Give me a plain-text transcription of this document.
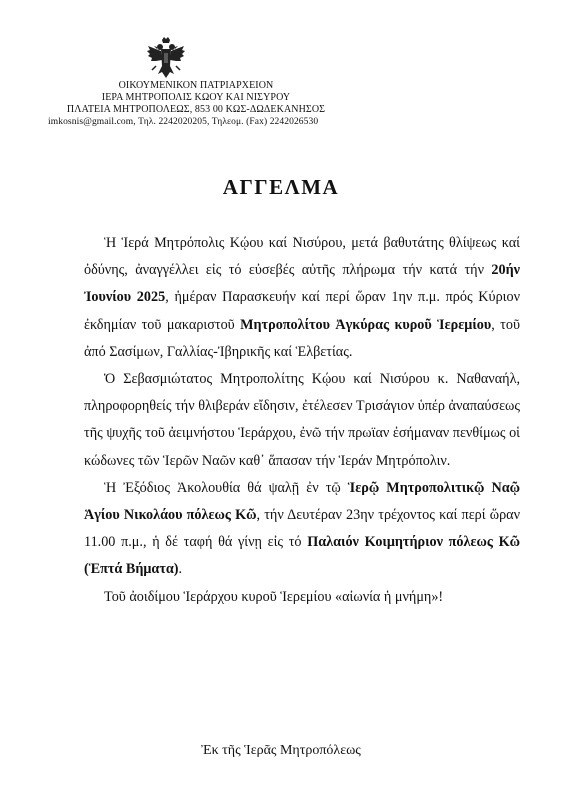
ΟΙΚΟΥΜΕΝΙΚΟΝ ΠΑΤΡΙΑΡΧΕΙΟΝ
ΙΕΡΑ ΜΗΤΡΟΠΟΛΙΣ ΚΩΟΥ ΚΑΙ ΝΙΣΥΡΟΥ
ΠΛΑΤΕΙΑ ΜΗΤΡΟΠΟΛΕΩΣ, 853 00 ΚΩΣ-ΔΩΔΕΚΑΝΗΣΟΣ
imkosnis@gmail.com, Τηλ. 2242020205, Τηλεομ. (Fax) 2242026530
ΑΓΓΕΛΜΑ

Ἡ Ἱερά Μητρόπολις Κῴου καί Νισύρου, μετά βαθυτάτης θλίψεως καί ὀδύνης, ἀναγγέλλει εἰς τό εὐσεβές αὐτῆς πλήρωμα τήν κατά τήν 20ήν Ἰουνίου 2025, ἡμέραν Παρασκευήν καί περί ὥραν 1ην π.μ. πρός Κύριον ἐκδημίαν τοῦ μακαριστοῦ Μητροπολίτου Ἀγκύρας κυροῦ Ἱερεμίου, τοῦ ἀπό Σασίμων, Γαλλίας-Ἰβηρικῆς καί Ἑλβετίας.

Ὁ Σεβασμιώτατος Μητροπολίτης Κῴου καί Νισύρου κ. Ναθαναήλ, πληροφορηθείς τήν θλιβεράν εἴδησιν, ἐτέλεσεν Τρισάγιον ὑπέρ ἀναπαύσεως τῆς ψυχῆς τοῦ ἀειμνήστου Ἱεράρχου, ἐνῶ τήν πρωϊαν ἐσήμαναν πενθίμως οἱ κώδωνες τῶν Ἱερῶν Ναῶν καθ᾽ ἅπασαν τήν Ἱεράν Μητρόπολιν.

Ἡ Ἐξόδιος Ἀκολουθία θά ψαλῇ ἐν τῷ Ἱερῷ Μητροπολιτικῷ Ναῷ Ἁγίου Νικολάου πόλεως Κῶ, τήν Δευτέραν 23ην τρέχοντος καί περί ὥραν 11.00 π.μ., ἡ δέ ταφή θά γίνῃ εἰς τό Παλαιόν Κοιμητήριον πόλεως Κῶ (Ἑπτά Βήματα).

Τοῦ ἀοιδίμου Ἱεράρχου κυροῦ Ἱερεμίου «αἰωνία ἡ μνήμη»!

Ἐκ τῆς Ἱερᾶς Μητροπόλεως
